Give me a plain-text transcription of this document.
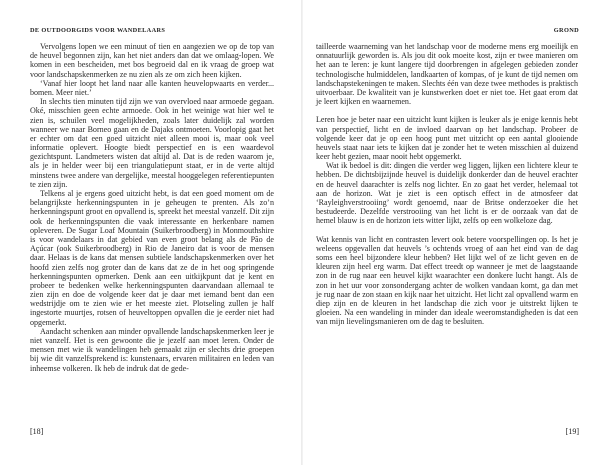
DE OUTDOORGIDS VOOR WANDELAARS

Vervolgens lopen we een minuut of tien en aangezien we op de top van de heuvel begonnen zijn, kan het niet anders dan dat we omlaag-lopen. We komen in een bescheiden, met bos begroeid dal en ik vraag de groep wat voor landschapskenmerken ze nu zien als ze om zich heen kijken.

‘Vanaf hier loopt het land naar alle kanten heuvelopwaarts en verder... bomen. Meer niet.’

In slechts tien minuten tijd zijn we van overvloed naar armoede gegaan. Oké, misschien geen echte armoede. Ook in het weinige wat hier wel te zien is, schuilen veel mogelijkheden, zoals later duidelijk zal worden wanneer we naar Borneo gaan en de Dajaks ontmoeten. Voorlopig gaat het er echter om dat een goed uitzicht niet alleen mooi is, maar ook veel informatie oplevert. Hoogte biedt perspectief en is een waardevol gezichtspunt. Landmeters wisten dat altijd al. Dat is de reden waarom je, als je in helder weer bij een triangulatiepunt staat, er in de verte altijd minstens twee andere van dergelijke, meestal hooggelegen referentiepunten te zien zijn.

Telkens al je ergens goed uitzicht hebt, is dat een goed moment om de belangrijkste herkenningspunten in je geheugen te prenten. Als zo’n herkenningspunt groot en opvallend is, spreekt het meestal vanzelf. Dit zijn ook de herkenningspunten die vaak interessante en herkenbare namen opleveren. De Sugar Loaf Mountain (Suikerbroodberg) in Monmouthshire is voor wandelaars in dat gebied van even groot belang als de Pão de Açúcar (ook Suikerbroodberg) in Rio de Janeiro dat is voor de mensen daar. Helaas is de kans dat mensen subtiele landschapskenmerken over het hoofd zien zelfs nog groter dan de kans dat ze de in het oog springende herkenningspunten opmerken. Denk aan een uitkijkpunt dat je kent en probeer te bedenken welke herkenningspunten daarvandaan allemaal te zien zijn en doe de volgende keer dat je daar met iemand bent dan een wedstrijdje om te zien wie er het meeste ziet. Plotseling zullen je half ingestorte muurtjes, rotsen of heuveltoppen opvallen die je eerder niet had opgemerkt.

Aandacht schenken aan minder opvallende landschapskenmerken leer je niet vanzelf. Het is een gewoonte die je jezelf aan moet leren. Onder de mensen met wie ik wandelingen heb gemaakt zijn er slechts drie groepen bij wie dit vanzelfsprekend is: kunstenaars, ervaren militairen en leden van inheemse volkeren. Ik heb de indruk dat de gede-

[18]
GROND

tailleerde waarneming van het landschap voor de moderne mens erg moeilijk en onnatuurlijk geworden is. Als jou dit ook moeite kost, zijn er twee manieren om het aan te leren: je kunt langere tijd doorbrengen in afgelegen gebieden zonder technologische hulmiddelen, landkaarten of kompas, of je kunt de tijd nemen om landschapstekeningen te maken. Slechts één van deze twee methodes is praktisch uitvoerbaar. De kwaliteit van je kunstwerken doet er niet toe. Het gaat erom dat je leert kijken en waarnemen.

Leren hoe je beter naar een uitzicht kunt kijken is leuker als je enige kennis hebt van perspectief, licht en de invloed daarvan op het landschap. Probeer de volgende keer dat je op een hoog punt met uitzicht op een aantal glooiende heuvels staat naar iets te kijken dat je zonder het te weten misschien al duizend keer hebt gezien, maar nooit hebt opgemerkt.

Wat ik bedoel is dit: dingen die verder weg liggen, lijken een lichtere kleur te hebben. De dichtsbijzijnde heuvel is duidelijk donkerder dan de heuvel erachter en de heuvel daarachter is zelfs nog lichter. En zo gaat het verder, helemaal tot aan de horizon. Wat je ziet is een optisch effect in de atmosfeer dat ‘Rayleighverstrooiing’ wordt genoemd, naar de Britse onderzoeker die het bestudeerde. Dezelfde verstrooiing van het licht is er de oorzaak van dat de hemel blauw is en de horizon iets witter lijkt, zelfs op een wolkeloze dag.

Wat kennis van licht en contrasten levert ook betere voorspellingen op. Is het je weleens opgevallen dat heuvels ’s ochtends vroeg of aan het eind van de dag soms een heel bijzondere kleur hebben? Het lijkt wel of ze licht geven en de kleuren zijn heel erg warm. Dat effect treedt op wanneer je met de laagstaande zon in de rug naar een heuvel kijkt waarachter een donkere lucht hangt. Als de zon in het uur voor zonsondergang achter de wolken vandaan komt, ga dan met je rug naar de zon staan en kijk naar het uitzicht. Het licht zal opvallend warm en diep zijn en de kleuren in het landschap die zich voor je uitstrekt lijken te gloeien. Na een wandeling in minder dan ideale weeromstandigheden is dat een van mijn lievelingsmanieren om de dag te besluiten.

[19]
